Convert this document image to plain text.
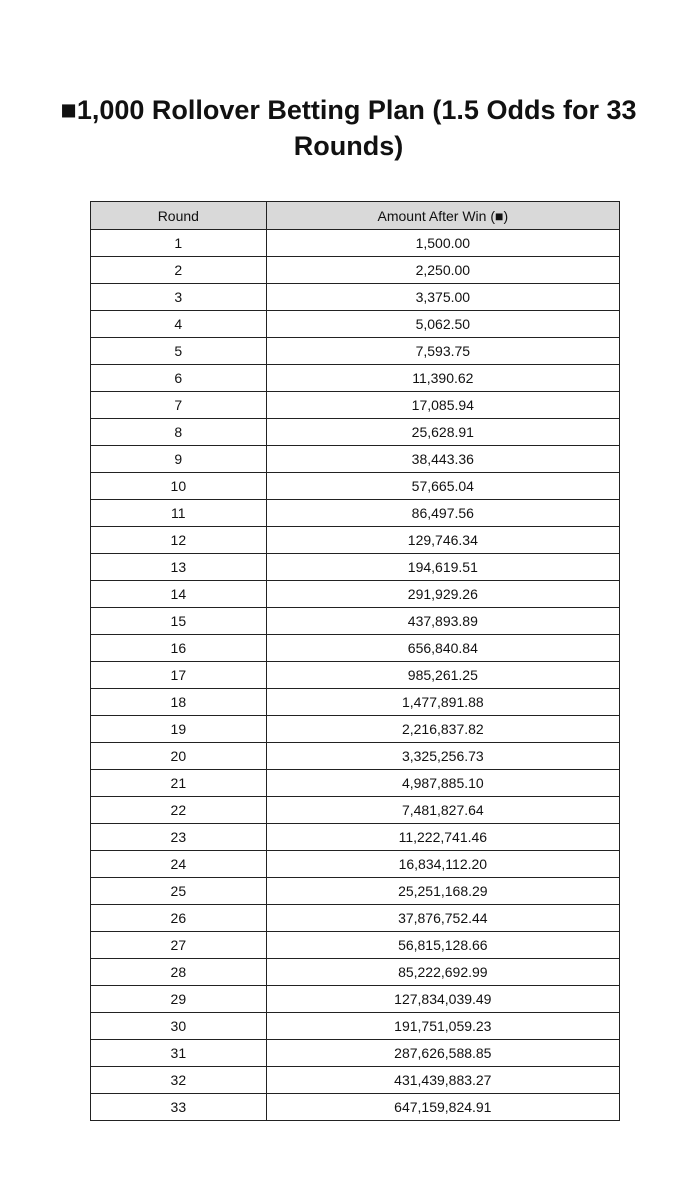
■1,000 Rollover Betting Plan (1.5 Odds for 33 Rounds)
Round	Amount After Win (■)
1	1,500.00
2	2,250.00
3	3,375.00
4	5,062.50
5	7,593.75
6	11,390.62
7	17,085.94
8	25,628.91
9	38,443.36
10	57,665.04
11	86,497.56
12	129,746.34
13	194,619.51
14	291,929.26
15	437,893.89
16	656,840.84
17	985,261.25
18	1,477,891.88
19	2,216,837.82
20	3,325,256.73
21	4,987,885.10
22	7,481,827.64
23	11,222,741.46
24	16,834,112.20
25	25,251,168.29
26	37,876,752.44
27	56,815,128.66
28	85,222,692.99
29	127,834,039.49
30	191,751,059.23
31	287,626,588.85
32	431,439,883.27
33	647,159,824.91
